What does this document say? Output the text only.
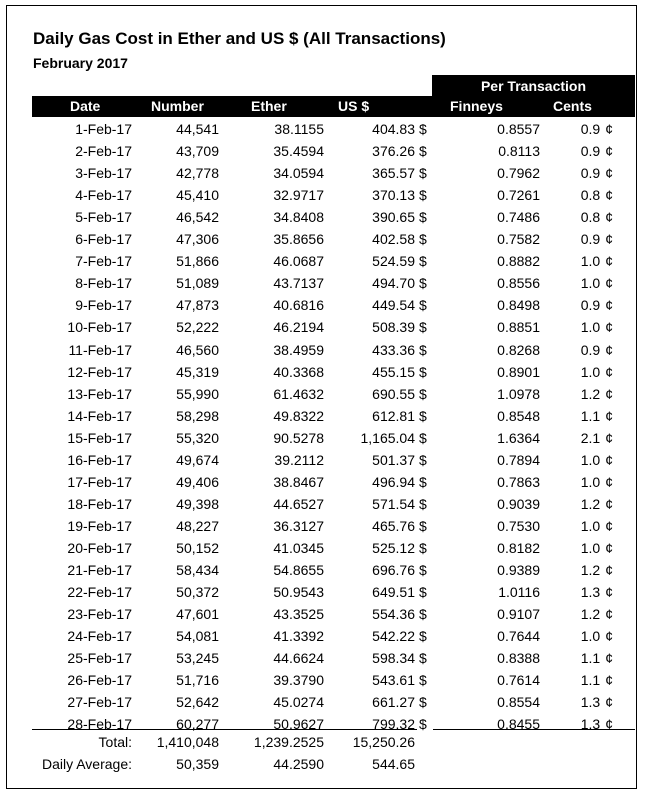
Daily Gas Cost in Ether and US $ (All Transactions)
February 2017
Per Transaction
Date	Number	Ether	US $	Finneys	Cents
1-Feb-17	44,541	38.1155	404.83 $	0.8557	0.9 ¢
2-Feb-17	43,709	35.4594	376.26 $	0.8113	0.9 ¢
3-Feb-17	42,778	34.0594	365.57 $	0.7962	0.9 ¢
4-Feb-17	45,410	32.9717	370.13 $	0.7261	0.8 ¢
5-Feb-17	46,542	34.8408	390.65 $	0.7486	0.8 ¢
6-Feb-17	47,306	35.8656	402.58 $	0.7582	0.9 ¢
7-Feb-17	51,866	46.0687	524.59 $	0.8882	1.0 ¢
8-Feb-17	51,089	43.7137	494.70 $	0.8556	1.0 ¢
9-Feb-17	47,873	40.6816	449.54 $	0.8498	0.9 ¢
10-Feb-17	52,222	46.2194	508.39 $	0.8851	1.0 ¢
11-Feb-17	46,560	38.4959	433.36 $	0.8268	0.9 ¢
12-Feb-17	45,319	40.3368	455.15 $	0.8901	1.0 ¢
13-Feb-17	55,990	61.4632	690.55 $	1.0978	1.2 ¢
14-Feb-17	58,298	49.8322	612.81 $	0.8548	1.1 ¢
15-Feb-17	55,320	90.5278	1,165.04 $	1.6364	2.1 ¢
16-Feb-17	49,674	39.2112	501.37 $	0.7894	1.0 ¢
17-Feb-17	49,406	38.8467	496.94 $	0.7863	1.0 ¢
18-Feb-17	49,398	44.6527	571.54 $	0.9039	1.2 ¢
19-Feb-17	48,227	36.3127	465.76 $	0.7530	1.0 ¢
20-Feb-17	50,152	41.0345	525.12 $	0.8182	1.0 ¢
21-Feb-17	58,434	54.8655	696.76 $	0.9389	1.2 ¢
22-Feb-17	50,372	50.9543	649.51 $	1.0116	1.3 ¢
23-Feb-17	47,601	43.3525	554.36 $	0.9107	1.2 ¢
24-Feb-17	54,081	41.3392	542.22 $	0.7644	1.0 ¢
25-Feb-17	53,245	44.6624	598.34 $	0.8388	1.1 ¢
26-Feb-17	51,716	39.3790	543.61 $	0.7614	1.1 ¢
27-Feb-17	52,642	45.0274	661.27 $	0.8554	1.3 ¢
28-Feb-17	60,277	50.9627	799.32 $	0.8455	1.3 ¢
Total: 1,410,048 1,239.2525 15,250.26
Daily Average:	50,359	44.2590	544.65
